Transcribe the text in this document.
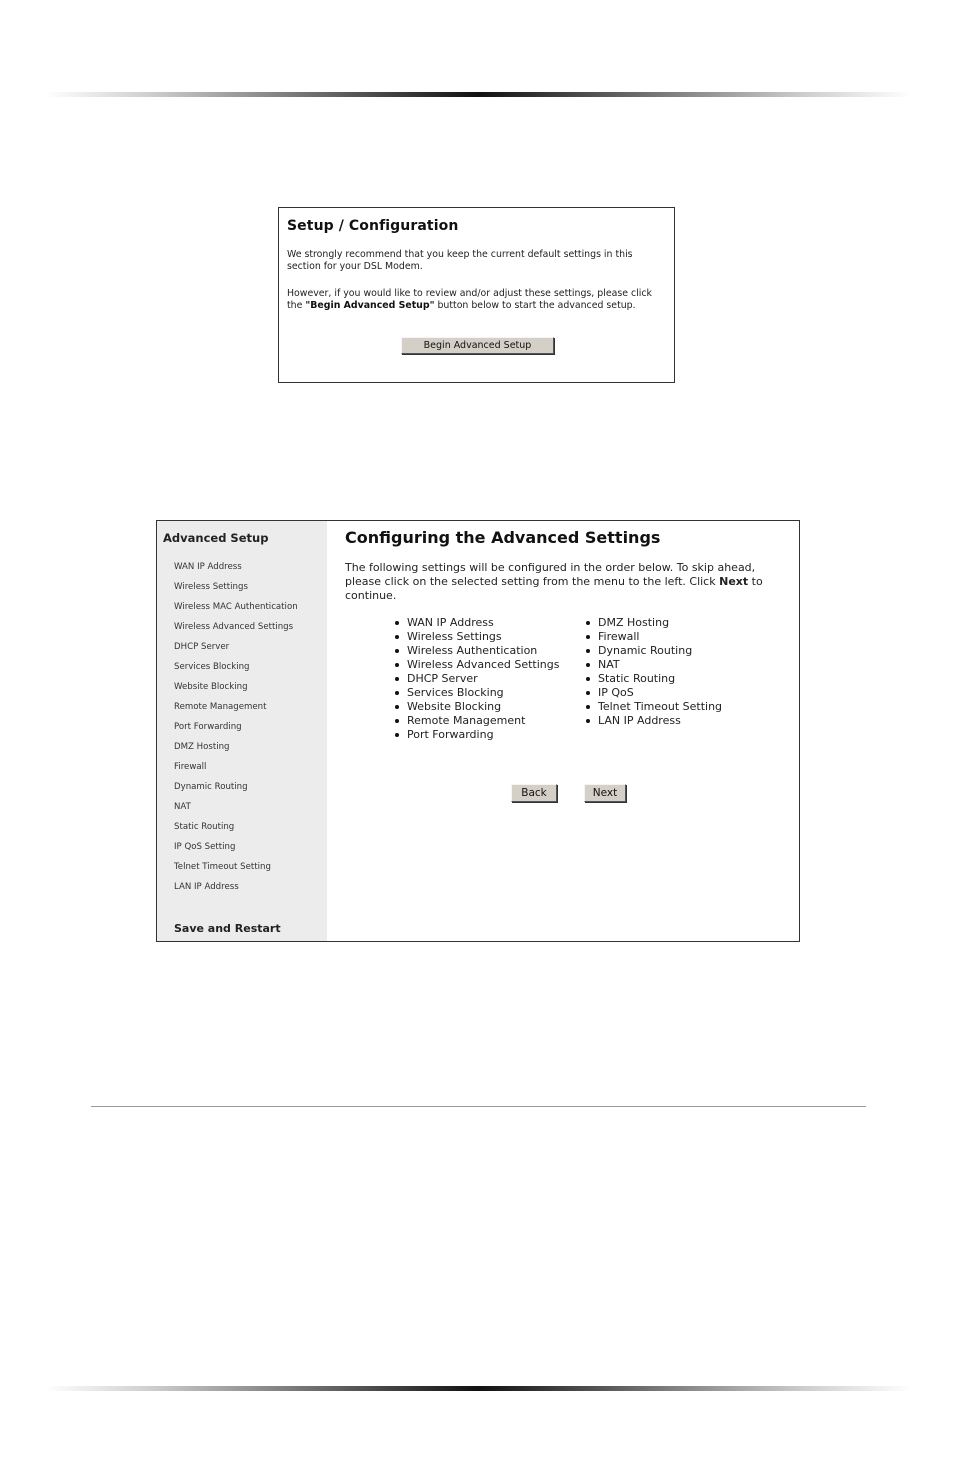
Setup / Configuration
We strongly recommend that you keep the current default settings in this section for your DSL Modem.
However, if you would like to review and/or adjust these settings, please click the "Begin Advanced Setup" button below to start the advanced setup.
Begin Advanced Setup
Advanced Setup
WAN IP Address
Wireless Settings
Wireless MAC Authentication
Wireless Advanced Settings
DHCP Server
Services Blocking
Website Blocking
Remote Management
Port Forwarding
DMZ Hosting
Firewall
Dynamic Routing
NAT
Static Routing
IP QoS Setting
Telnet Timeout Setting
LAN IP Address
Save and Restart
Configuring the Advanced Settings
The following settings will be configured in the order below. To skip ahead, please click on the selected setting from the menu to the left. Click Next to continue.
WAN IP Address
Wireless Settings
Wireless Authentication
Wireless Advanced Settings
DHCP Server
Services Blocking
Website Blocking
Remote Management
Port Forwarding
DMZ Hosting
Firewall
Dynamic Routing
NAT
Static Routing
IP QoS
Telnet Timeout Setting
LAN IP Address
Back	Next
